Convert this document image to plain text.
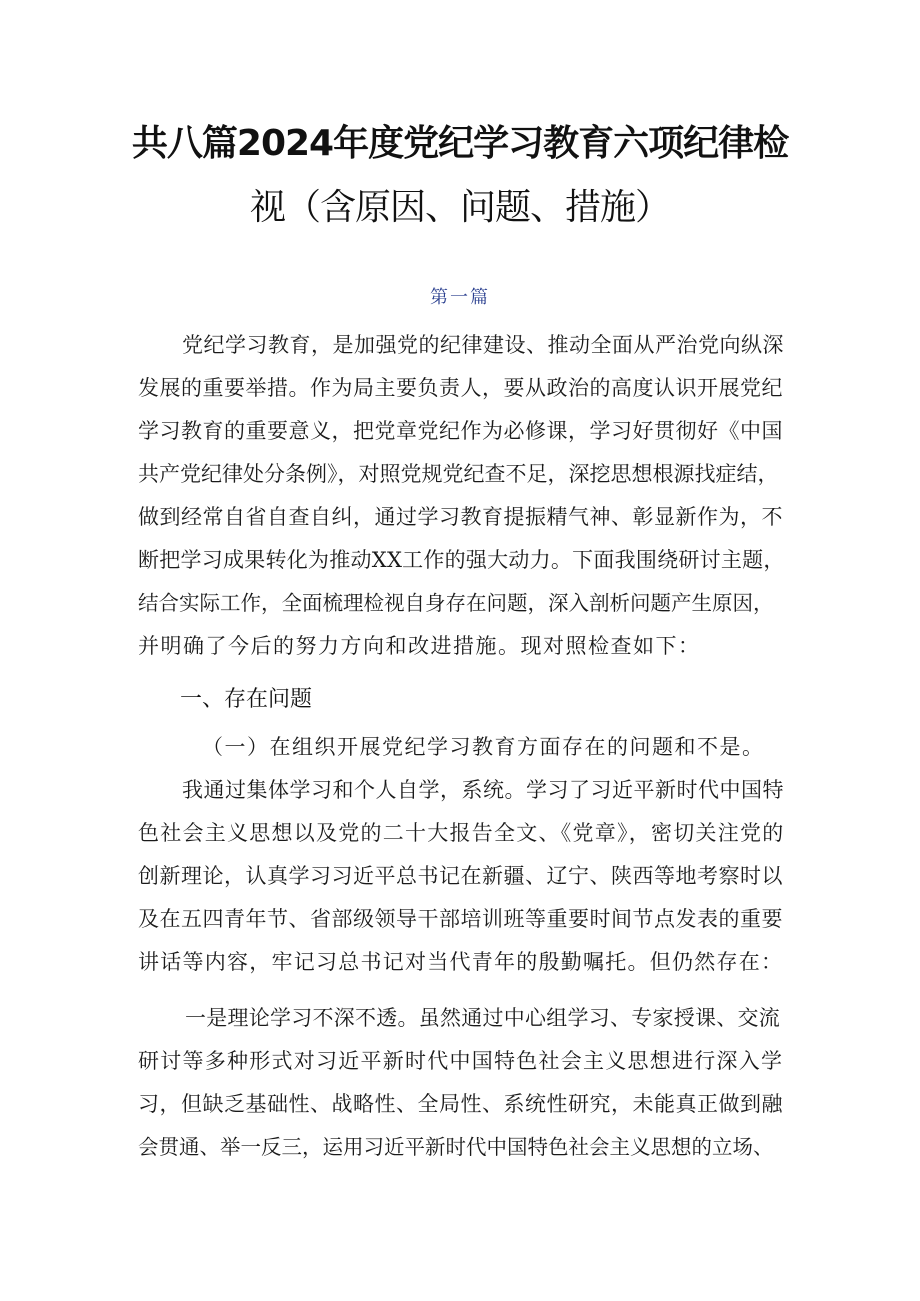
共八篇2024年度党纪学习教育六项纪律检
视（含原因、问题、措施）
第一篇
党纪学习教育，是加强党的纪律建设、推动全面从严治党向纵深
发展的重要举措。作为局主要负责人，要从政治的高度认识开展党纪
学习教育的重要意义，把党章党纪作为必修课，学习好贯彻好《中国
共产党纪律处分条例》，对照党规党纪查不足，深挖思想根源找症结，
做到经常自省自查自纠，通过学习教育提振精气神、彰显新作为，不
断把学习成果转化为推动XX工作的强大动力。下面我围绕研讨主题，
结合实际工作，全面梳理检视自身存在问题，深入剖析问题产生原因，
并明确了今后的努力方向和改进措施。现对照检查如下：
一、存在问题
（一）在组织开展党纪学习教育方面存在的问题和不是。
我通过集体学习和个人自学，系统。学习了习近平新时代中国特
色社会主义思想以及党的二十大报告全文、《党章》，密切关注党的
创新理论，认真学习习近平总书记在新疆、辽宁、陕西等地考察时以
及在五四青年节、省部级领导干部培训班等重要时间节点发表的重要
讲话等内容，牢记习总书记对当代青年的殷勤嘱托。但仍然存在：
一是理论学习不深不透。虽然通过中心组学习、专家授课、交流
研讨等多种形式对习近平新时代中国特色社会主义思想进行深入学
习，但缺乏基础性、战略性、全局性、系统性研究，未能真正做到融
会贯通、举一反三，运用习近平新时代中国特色社会主义思想的立场、
